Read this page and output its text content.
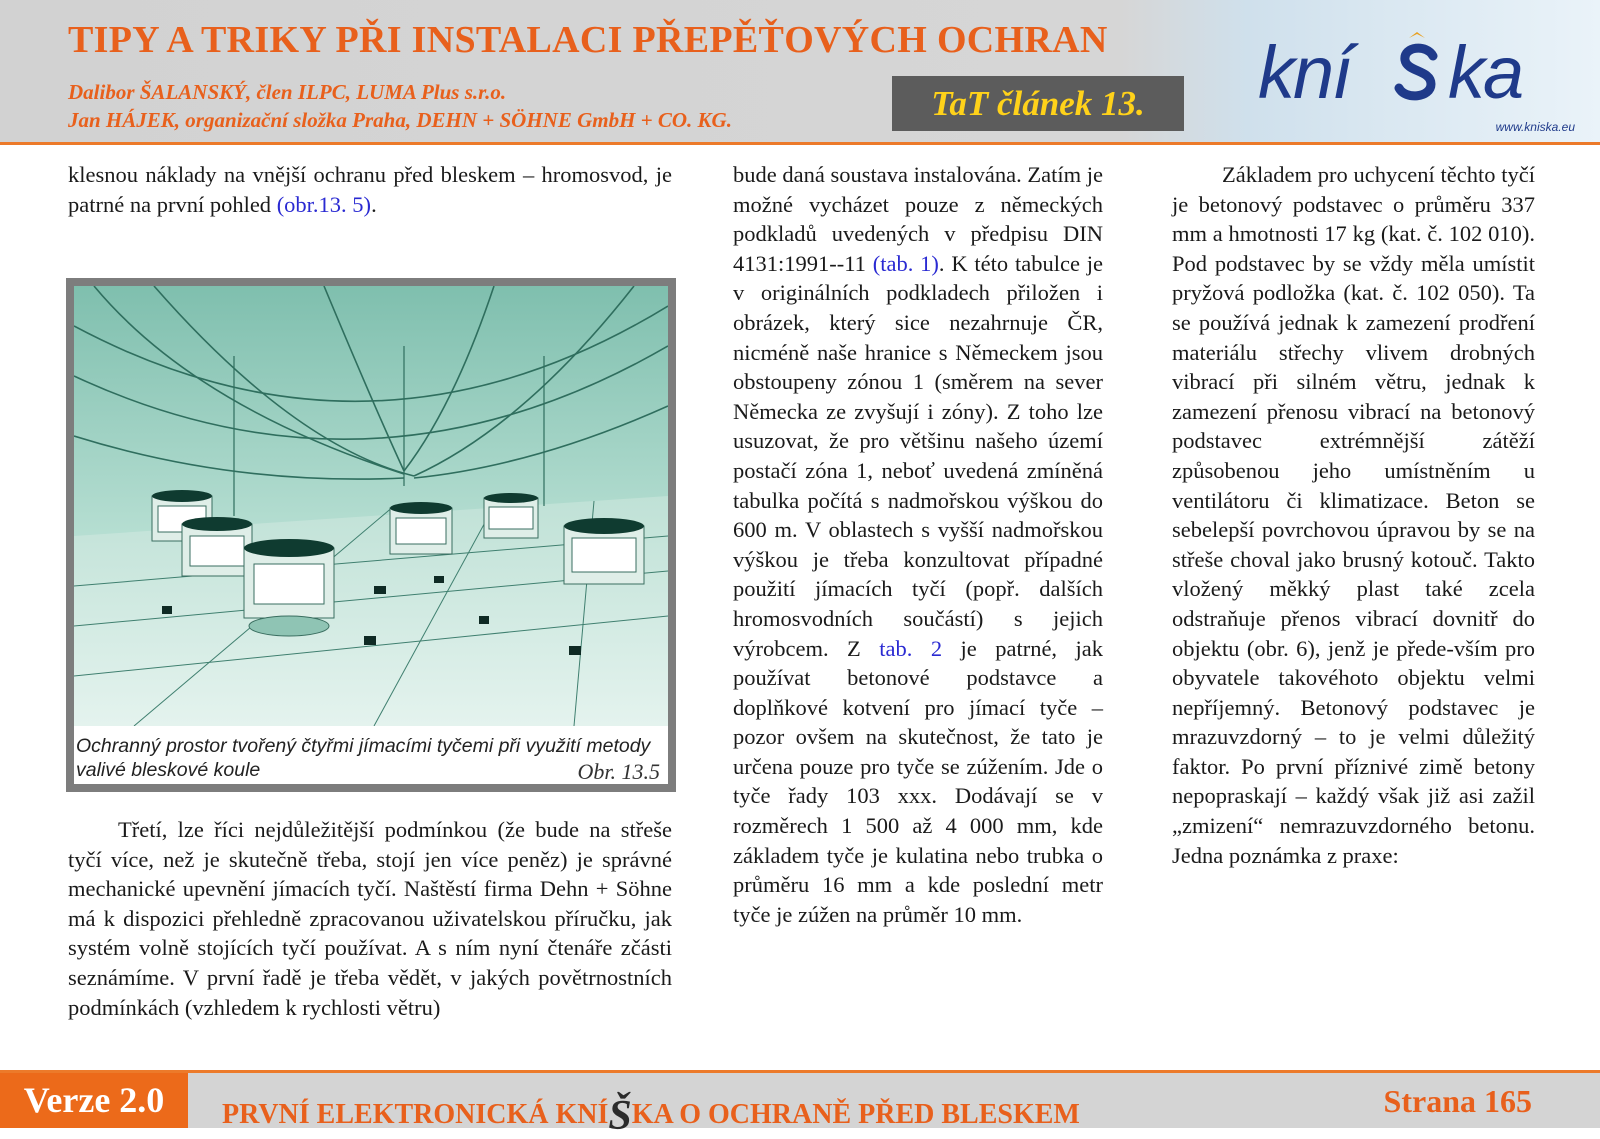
TIPY A TRIKY PŘI INSTALACI PŘEPĚŤOVÝCH OCHRAN
Dalibor ŠALANSKÝ, člen ILPC, LUMA Plus s.r.o.
Jan HÁJEK, organizační složka Praha, DEHN + SÖHNE GmbH + CO. KG.	TaT článek 13.	kní ka
www.kniska.eu

klesnou náklady na vnější ochranu před bleskem – hromosvod, je patrné na první pohled (obr.13. 5).

Ochranný prostor tvořený čtyřmi jímacími tyčemi při využití metody valivé bleskové koule	Obr. 13.5

Třetí, lze říci nejdůležitější podmínkou (že bude na střeše tyčí více, než je skutečně třeba, stojí jen více peněz) je správné mechanické upevnění jímacích tyčí. Naštěstí firma Dehn + Söhne má k dispozici přehledně zpracovanou uživatelskou příručku, jak systém volně stojících tyčí používat. A s ním nyní čtenáře zčásti seznámíme. V první řadě je třeba vědět, v jakých povětrnostních podmínkách (vzhledem k rychlosti větru)

bude daná soustava instalována. Zatím je možné vycházet pouze z německých podkladů uvedených v předpisu DIN 4131:1991--11 (tab. 1). K této tabulce je v originálních podkladech přiložen i obrázek, který sice nezahrnuje ČR, nicméně naše hranice s Německem jsou obstoupeny zónou 1 (směrem na sever Německa ze zvyšují i zóny). Z toho lze usuzovat, že pro většinu našeho území postačí zóna 1, neboť uvedená zmíněná tabulka počítá s nadmořskou výškou do 600 m. V oblastech s vyšší nadmořskou výškou je třeba konzultovat případné použití jímacích tyčí (popř. dalších hromosvodních součástí) s jejich výrobcem. Z tab. 2 je patrné, jak používat betonové podstavce a doplňkové kotvení pro jímací tyče – pozor ovšem na skutečnost, že tato je určena pouze pro tyče se zúžením. Jde o tyče řady 103 xxx. Dodávají se v rozměrech 1 500 až 4 000 mm, kde základem tyče je kulatina nebo trubka o průměru 16 mm a kde poslední metr tyče je zúžen na průměr 10 mm.

Základem pro uchycení těchto tyčí je betonový podstavec o průměru 337 mm a hmotnosti 17 kg (kat. č. 102 010). Pod podstavec by se vždy měla umístit pryžová podložka (kat. č. 102 050). Ta se používá jednak k zamezení prodření materiálu střechy vlivem drobných vibrací při silném větru, jednak k zamezení přenosu vibrací na betonový podstavec extrémnější zátěží způsobenou jeho umístněním u ventilátoru či klimatizace. Beton se sebelepší povrchovou úpravou by se na střeše choval jako brusný kotouč. Takto vložený měkký plast také zcela odstraňuje přenos vibrací dovnitř do objektu (obr. 6), jenž je přede-vším pro obyvatele takovéhoto objektu velmi nepříjemný. Betonový podstavec je mrazuvzdorný – to je velmi důležitý faktor. Po první příznivé zimě betony nepopraskají – každý však již asi zažil „zmizení“ nemrazuvzdorného betonu. Jedna poznámka z praxe:

Verze 2.0	PRVNÍ ELEKTRONICKÁ KNÍŠKA O OCHRANĚ PŘED BLESKEM	Strana 165
